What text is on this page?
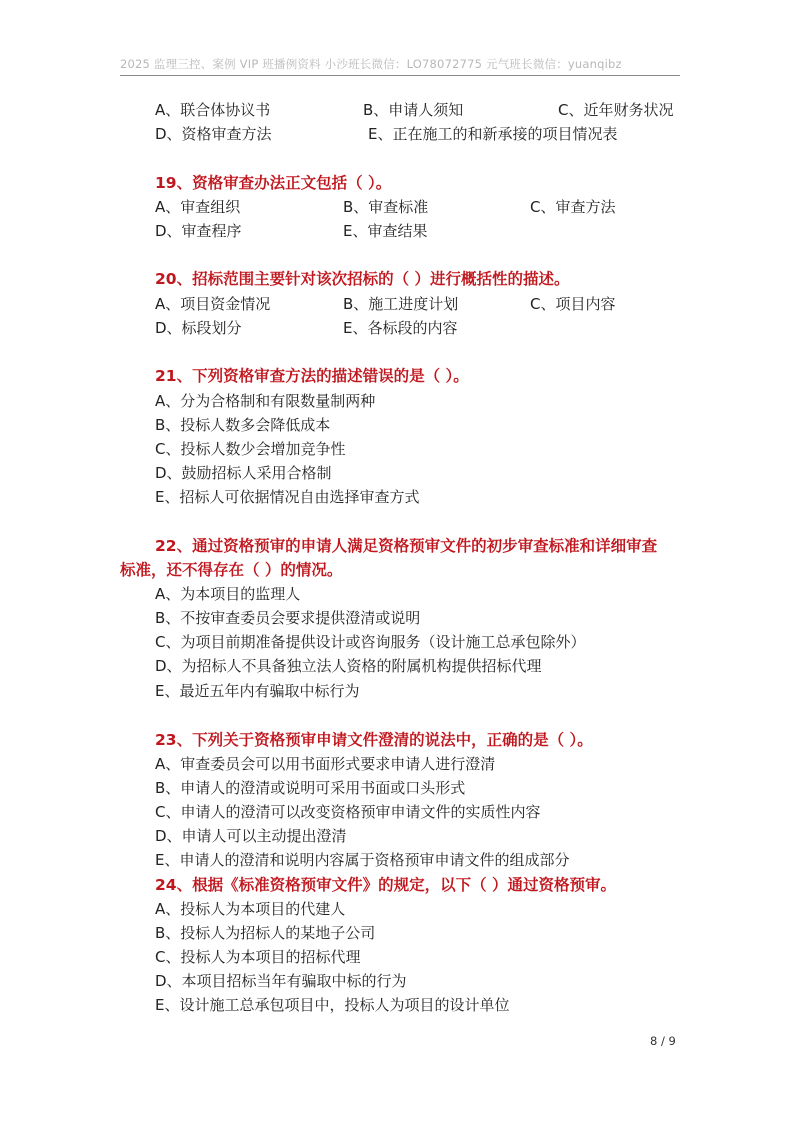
2025 监理三控、案例 VIP 班播例资料 小沙班长微信：LO78072775 元气班长微信：yuanqibz
A、联合体协议书	B、申请人须知	C、近年财务状况
D、资格审查方法	E、正在施工的和新承接的项目情况表
19、资格审查办法正文包括（ ）。
A、审查组织	B、审查标准	C、审查方法
D、审查程序	E、审查结果
20、招标范围主要针对该次招标的（ ）进行概括性的描述。
A、项目资金情况	B、施工进度计划	C、项目内容
D、标段划分	E、各标段的内容
21、下列资格审查方法的描述错误的是（ ）。
A、分为合格制和有限数量制两种
B、投标人数多会降低成本
C、投标人数少会增加竞争性
D、鼓励招标人采用合格制
E、招标人可依据情况自由选择审查方式
22、通过资格预审的申请人满足资格预审文件的初步审查标准和详细审查
标准，还不得存在（ ）的情况。
A、为本项目的监理人
B、不按审查委员会要求提供澄清或说明
C、为项目前期准备提供设计或咨询服务（设计施工总承包除外）
D、为招标人不具备独立法人资格的附属机构提供招标代理
E、最近五年内有骗取中标行为
23、下列关于资格预审申请文件澄清的说法中，正确的是（ ）。
A、审查委员会可以用书面形式要求申请人进行澄清
B、申请人的澄清或说明可采用书面或口头形式
C、申请人的澄清可以改变资格预审申请文件的实质性内容
D、申请人可以主动提出澄清
E、申请人的澄清和说明内容属于资格预审申请文件的组成部分
24、根据《标准资格预审文件》的规定，以下（ ）通过资格预审。
A、投标人为本项目的代建人
B、投标人为招标人的某地子公司
C、投标人为本项目的招标代理
D、本项目招标当年有骗取中标的行为
E、设计施工总承包项目中，投标人为项目的设计单位
8 / 9
